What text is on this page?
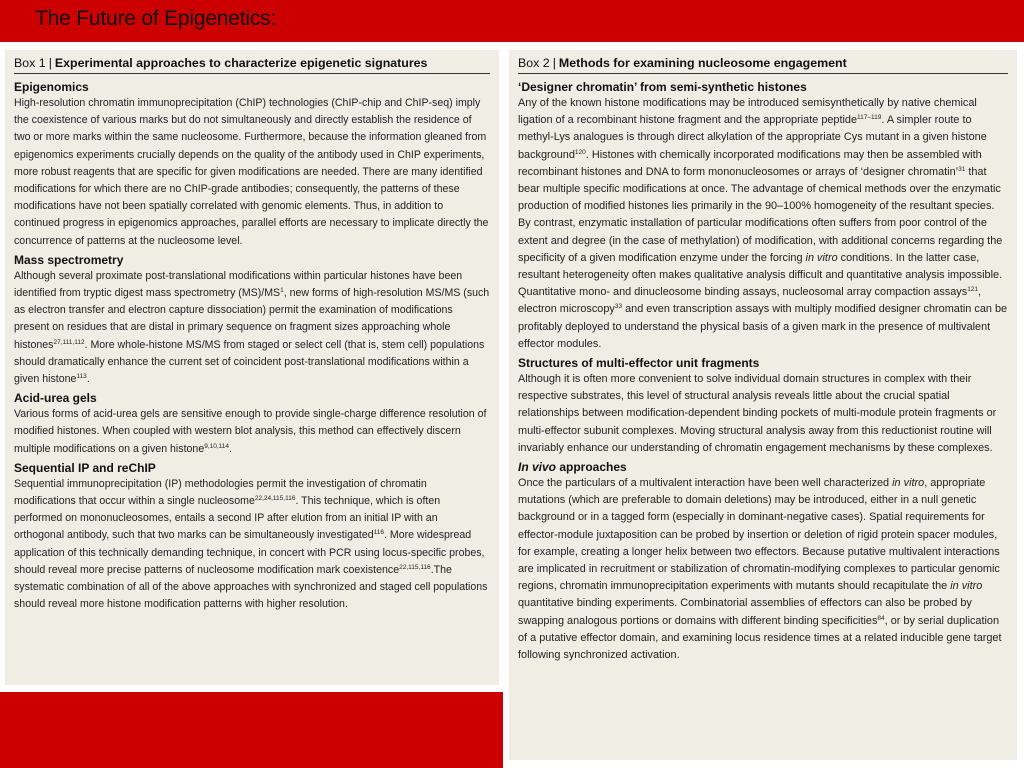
The Future of Epigenetics:
Box 1 | Experimental approaches to characterize epigenetic signatures
Epigenomics
High-resolution chromatin immunoprecipitation (ChIP) technologies (ChIP-chip and ChIP-seq) imply the coexistence of various marks but do not simultaneously and directly establish the residence of two or more marks within the same nucleosome. Furthermore, because the information gleaned from epigenomics experiments crucially depends on the quality of the antibody used in ChIP experiments, more robust reagents that are specific for given modifications are needed. There are many identified modifications for which there are no ChIP-grade antibodies; consequently, the patterns of these modifications have not been spatially correlated with genomic elements. Thus, in addition to continued progress in epigenomics approaches, parallel efforts are necessary to implicate directly the concurrence of patterns at the nucleosome level.
Mass spectrometry
Although several proximate post-translational modifications within particular histones have been identified from tryptic digest mass spectrometry $(MS)/MS^1$, new forms of high-resolution MS/MS (such as electron transfer and electron capture dissociation) permit the examination of modifications present on residues that are distal in primary sequence on fragment sizes approaching whole histones$^{27,111,112}$. More whole-histone MS/MS from staged or select cell (that is, stem cell) populations should dramatically enhance the current set of coincident post-translational modifications within a given histone$^{113}$.
Acid-urea gels
Various forms of acid-urea gels are sensitive enough to provide single-charge difference resolution of modified histones. When coupled with western blot analysis, this method can effectively discern multiple modifications on a given histone$^{9,10,114}$.
Sequential IP and reChIP
Sequential immunoprecipitation (IP) methodologies permit the investigation of chromatin modifications that occur within a single nucleosome$^{22,24,115,116}$. This technique, which is often performed on mononucleosomes, entails a second IP after elution from an initial IP with an orthogonal antibody, such that two marks can be simultaneously investigated$^{116}$. More widespread application of this technically demanding technique, in concert with PCR using locus-specific probes, should reveal more precise patterns of nucleosome modification mark coexistence$^{22,115,116}$.The systematic combination of all of the above approaches with synchronized and staged cell populations should reveal more histone modification patterns with higher resolution.
Box 2 | Methods for examining nucleosome engagement
‘Designer chromatin’ from semi-synthetic histones
Any of the known histone modifications may be introduced semisynthetically by native chemical ligation of a recombinant histone fragment and the appropriate peptide$^{117-119}$. A simpler route to methyl-Lys analogues is through direct alkylation of the appropriate Cys mutant in a given histone background$^{120}$. Histones with chemically incorporated modifications may then be assembled with recombinant histones and DNA to form mononucleosomes or arrays of ‘designer chromatin’$^{31}$ that bear multiple specific modifications at once. The advantage of chemical methods over the enzymatic production of modified histones lies primarily in the 90–100% homogeneity of the resultant species. By contrast, enzymatic installation of particular modifications often suffers from poor control of the extent and degree (in the case of methylation) of modification, with additional concerns regarding the specificity of a given modification enzyme under the forcing in vitro conditions. In the latter case, resultant heterogeneity often makes qualitative analysis difficult and quantitative analysis impossible. Quantitative mono- and dinucleosome binding assays, nucleosomal array compaction assays$^{121}$, electron microscopy$^{33}$ and even transcription assays with multiply modified designer chromatin can be profitably deployed to understand the physical basis of a given mark in the presence of multivalent effector modules.
Structures of multi-effector unit fragments
Although it is often more convenient to solve individual domain structures in complex with their respective substrates, this level of structural analysis reveals little about the crucial spatial relationships between modification-dependent binding pockets of multi-module protein fragments or multi-effector subunit complexes. Moving structural analysis away from this reductionist routine will invariably enhance our understanding of chromatin engagement mechanisms by these complexes.
In vivo approaches
Once the particulars of a multivalent interaction have been well characterized in vitro, appropriate mutations (which are preferable to domain deletions) may be introduced, either in a null genetic background or in a tagged form (especially in dominant-negative cases). Spatial requirements for effector-module juxtaposition can be probed by insertion or deletion of rigid protein spacer modules, for example, creating a longer helix between two effectors. Because putative multivalent interactions are implicated in recruitment or stabilization of chromatin-modifying complexes to particular genomic regions, chromatin immunoprecipitation experiments with mutants should recapitulate the in vitro quantitative binding experiments. Combinatorial assemblies of effectors can also be probed by swapping analogous portions or domains with different binding specificities$^{84}$, or by serial duplication of a putative effector domain, and examining locus residence times at a related inducible gene target following synchronized activation.
